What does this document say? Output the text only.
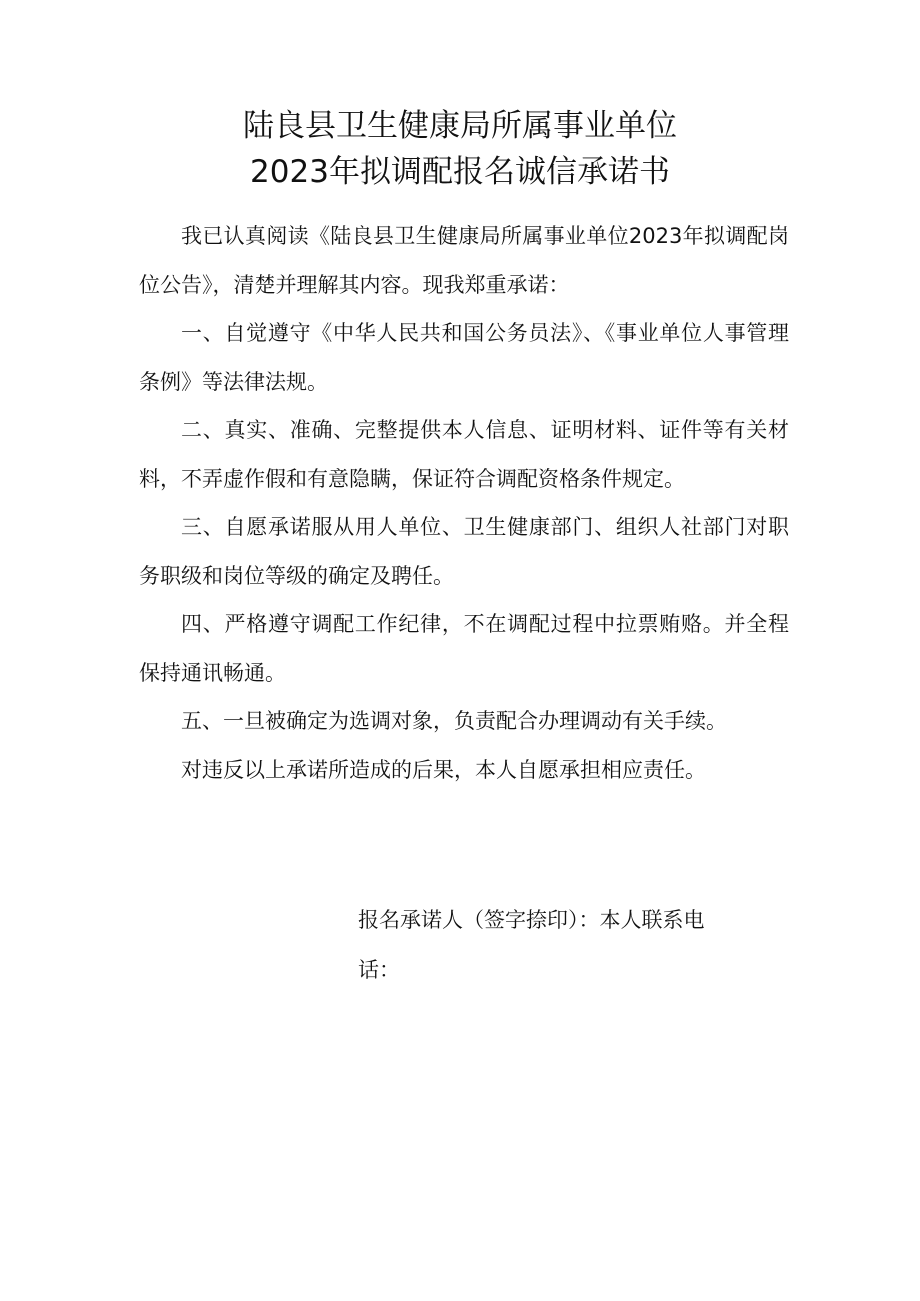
陆良县卫生健康局所属事业单位
2023年拟调配报名诚信承诺书

我已认真阅读《陆良县卫生健康局所属事业单位2023年拟调配岗位公告》，清楚并理解其内容。现我郑重承诺：

一、自觉遵守《中华人民共和国公务员法》、《事业单位人事管理条例》等法律法规。

二、真实、准确、完整提供本人信息、证明材料、证件等有关材料，不弄虚作假和有意隐瞒，保证符合调配资格条件规定。

三、自愿承诺服从用人单位、卫生健康部门、组织人社部门对职务职级和岗位等级的确定及聘任。

四、严格遵守调配工作纪律，不在调配过程中拉票贿赂。并全程保持通讯畅通。

五、一旦被确定为选调对象，负责配合办理调动有关手续。

对违反以上承诺所造成的后果，本人自愿承担相应责任。

报名承诺人（签字捺印）：本人联系电

话：
